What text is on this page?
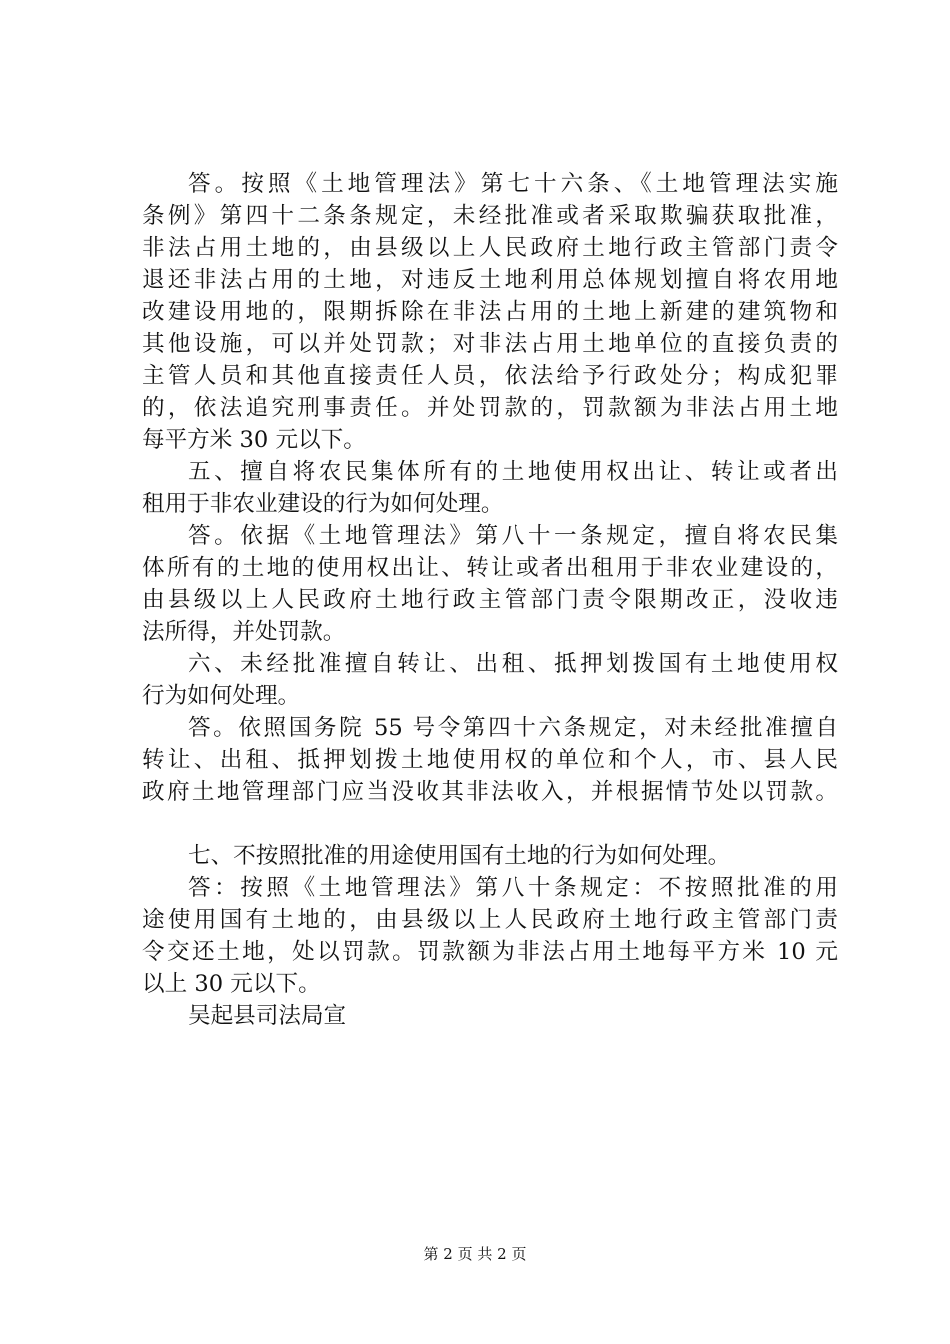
答。按照《土地管理法》第七十六条、《土地管理法实施
条例》第四十二条条规定，未经批准或者采取欺骗获取批准，
非法占用土地的，由县级以上人民政府土地行政主管部门责令
退还非法占用的土地，对违反土地利用总体规划擅自将农用地
改建设用地的，限期拆除在非法占用的土地上新建的建筑物和
其他设施，可以并处罚款；对非法占用土地单位的直接负责的
主管人员和其他直接责任人员，依法给予行政处分；构成犯罪
的，依法追究刑事责任。并处罚款的，罚款额为非法占用土地
每平方米 30 元以下。
五、擅自将农民集体所有的土地使用权出让、转让或者出
租用于非农业建设的行为如何处理。
答。依据《土地管理法》第八十一条规定，擅自将农民集
体所有的土地的使用权出让、转让或者出租用于非农业建设的，
由县级以上人民政府土地行政主管部门责令限期改正，没收违
法所得，并处罚款。
六、未经批准擅自转让、出租、抵押划拨国有土地使用权
行为如何处理。
答。依照国务院 55 号令第四十六条规定，对未经批准擅自
转让、出租、抵押划拨土地使用权的单位和个人，市、县人民
政府土地管理部门应当没收其非法收入，并根据情节处以罚款。
七、不按照批准的用途使用国有土地的行为如何处理。
答：按照《土地管理法》第八十条规定：不按照批准的用
途使用国有土地的，由县级以上人民政府土地行政主管部门责
令交还土地，处以罚款。罚款额为非法占用土地每平方米 10 元
以上 30 元以下。
吴起县司法局宣
第 2 页 共 2 页
